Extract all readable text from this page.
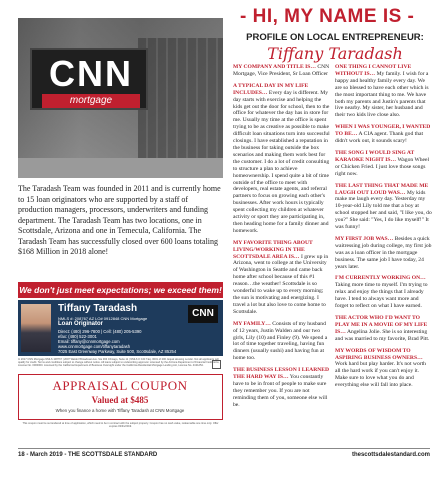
CNN
mortgage

The Taradash Team was founded in 2011 and is currently home to 15 loan originators who are supported by a staff of production managers, processors, underwriters and funding department. The Taradash Team has two locations, one in Scottsdale, Arizona and one in Temecula, California. The Taradash Team has successfully closed over 600 loans totaling $168 Million in 2018 alone!

We don't just meet expectations; we exceed them!
Tiffany Taradash
NMLS #: 208767 AZ LO# 0912848 CNN Mortgage
Loan Originator
Direct: (480) 296-7800 | Cell: (480) 205-5390
efax: (480) 522-3001
Email: tiffany@cnnmortgage.com
www.cnnmortgage.com/tiffanytaradash
7025 East Greenway Parkway, Suite 500, Scottsdale, AZ 85254
CNN
In 2017 CNN Mortgage NMLS 108767 | 2007 Waldorf Broadcast Ave. Ste 304 Chicago, Suite 11 | NMLS #: 1017 Eq. 0001 of 200. Equal Housing Lender. Not all applicants will qualify for credit. Terms and conditions subject to change without notice. All loans subject to underwriting approval. Licensed by the Arizona Department of Financial Institutions, License No. 0000000. Licensed by the California Department of Business Oversight under the California Residential Mortgage Lending Act, License No. 4131254.
APPRAISAL COUPON
Valued at $485
When you finance a home with Tiffany Taradash at CNN Mortgage
This coupon must be surrendered at time of application, which need to be in contract with the subject property. Coupon has no cash value, redeemable one time only. Offer expires 03/31/2019.
- HI, MY NAME IS -
PROFILE ON LOCAL ENTREPRENEUR:
Tiffany Taradash
MY COMPANY AND TITLE IS… CNN Mortgage, Vice President, Sr Loan Officer
A TYPICAL DAY IN MY LIFE INCLUDES… Every day is different. My day starts with exercise and helping the kids get out the door for school, then to the office for whatever the day has in store for me. Usually my time at the office is spent trying to be as creative as possible to make difficult loan situations turn into successful closings. I have established a reputation in the business for taking outside the box scenarios and making them work best for the customer. I do a lot of credit consulting to structure a plan to achieve homeownership. I spend quite a bit of time outside of the office to meet with developers, real estate agents, and referral partners to focus on growing each other's businesses. After work hours is typically spent collecting my children at whatever activity or sport they are participating in, then heading home for a family dinner and homework.
MY FAVORITE THING ABOUT LIVING/WORKING IN THE SCOTTSDALE AREA IS… I grew up in Arizona, went to college at the University of Washington in Seattle and came back home after school because of this #1 reason…the weather! Scottsdale is so wonderful to wake up to every morning; the sun is motivating and energizing. I travel a lot but also love to come home to Scottsdale.
MY FAMILY… Consists of my husband of 12 years, Justin Walden and our two girls, Lily (10) and Finley (9). We spend a lot of time together traveling, having fun dinners (usually sushi) and having fun at home too.
THE BUSINESS LESSON I LEARNED THE HARD WAY IS… You constantly have to be in front of people to make sure they remember you. If you are not reminding them of you, someone else will be.
ONE THING I CANNOT LIVE WITHOUT IS… My family. I wish for a happy and healthy family every day. We are so blessed to have each other which is the most important thing to me. We have both my parents and Justin's parents that live nearby. My sister, her husband and their two kids live close also.
WHEN I WAS YOUNGER, I WANTED TO BE… A CIA agent. Thank god that didn't work out, it sounds scary!
THE SONG I WOULD SING AT KARAOKE NIGHT IS… Wagon Wheel or Chicken Fried. I just love those songs right now.
THE LAST THING THAT MADE ME LAUGH OUT LOUD WAS… My kids make me laugh every day. Yesterday my 10-year-old Lily told me that a boy at school stopped her and said, "I like you, do you?" She said: "Yes, I do like myself!" It was funny!
MY FIRST JOB WAS… Besides a quick waitressing job during college, my first job was as a loan officer in the mortgage business. The same job I have today, 24 years later.
I'M CURRENTLY WORKING ON… Taking more time to myself. I'm trying to relax and enjoy the things that I already have. I tend to always want more and forget to reflect on what I have earned.
THE ACTOR WHO I'D WANT TO PLAY ME IN A MOVIE OF MY LIFE IS… Angelina Jolie. She is so interesting and was married to my favorite, Brad Pitt.
MY WORDS OF WISDOM TO ASPIRING BUSINESS OWNERS… Work hard but play harder. It's not worth all the hard work if you can't enjoy it. Make sure to love what you do and everything else will fall into place.
18 - March 2019 - THE SCOTTSDALE STANDARD	thescottsdalestandard.com
